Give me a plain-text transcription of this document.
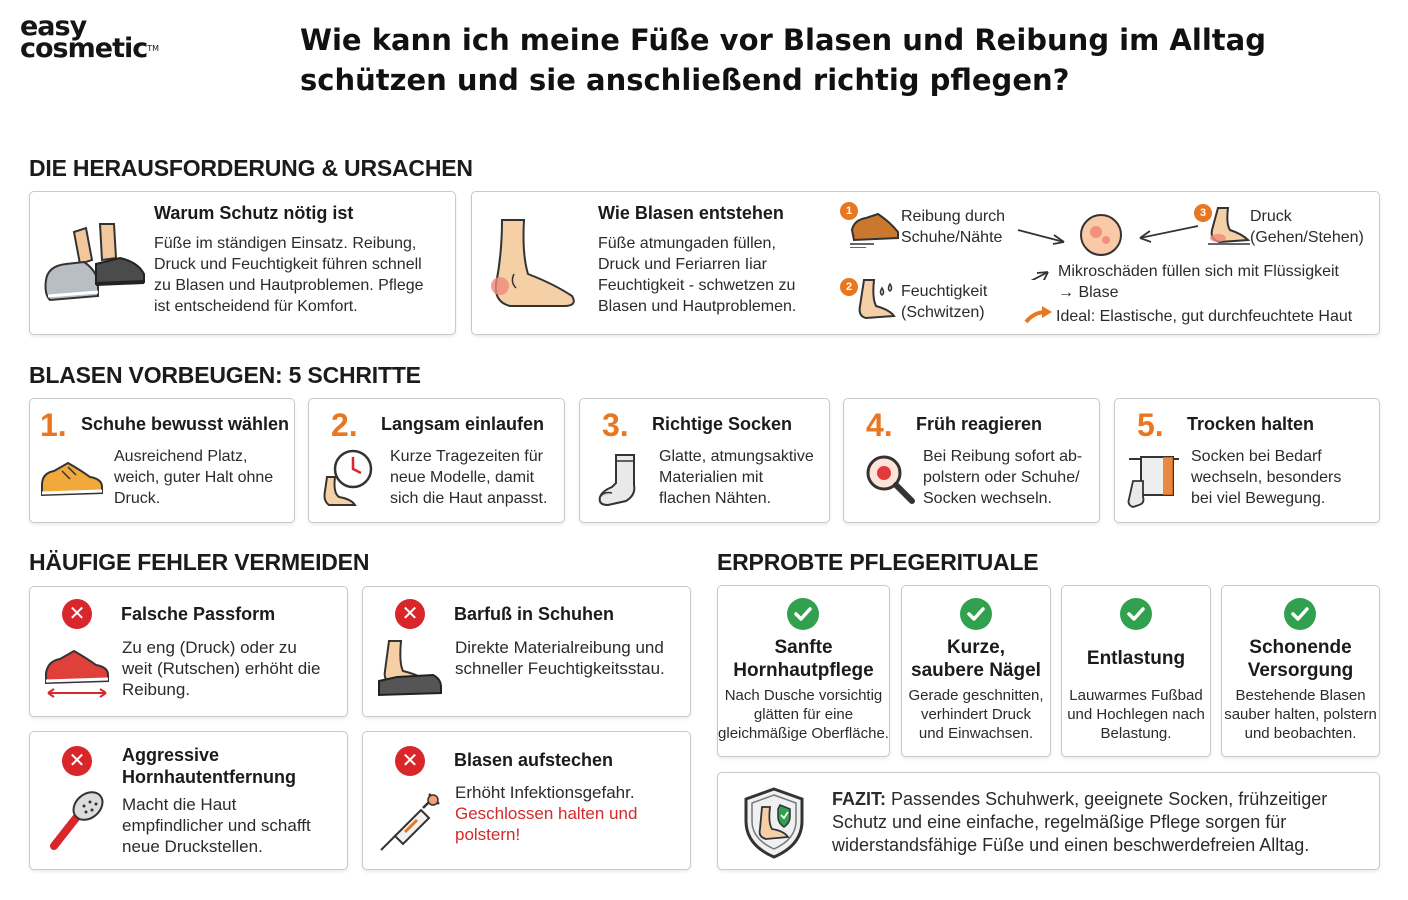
easy
cosmetic™	Wie kann ich meine Füße vor Blasen und Reibung im Alltag
schützen und sie anschließend richtig pflegen?
DIE HERAUSFORDERUNG & URSACHEN
Warum Schutz nötig ist
Füße im ständigen Einsatz. Reibung,
Druck und Feuchtigkeit führen schnell
zu Blasen und Hautproblemen. Pflege
ist entscheidend für Komfort.
Wie Blasen entstehen
Füße atmungaden füllen,
Druck und Feriarren Iiar
Feuchtigkeit - schwetzen zu
Blasen und Hautproblemen.
1	Reibung durch
Schuhe/Nähte
2	Feuchtigkeit
(Schwitzen)
3	Druck
(Gehen/Stehen)
Mikroschäden füllen sich mit Flüssigkeit
→ Blase
Ideal: Elastische, gut durchfeuchtete Haut
BLASEN VORBEUGEN: 5 SCHRITTE
1. Schuhe bewusst wählen
Ausreichend Platz,
weich, guter Halt ohne
Druck.
2. Langsam einlaufen
Kurze Tragezeiten für
neue Modelle, damit
sich die Haut anpasst.
3. Richtige Socken
Glatte, atmungsaktive
Materialien mit
flachen Nähten.
4. Früh reagieren
Bei Reibung sofort ab-
polstern oder Schuhe/
Socken wechseln.
5. Trocken halten
Socken bei Bedarf
wechseln, besonders
bei viel Bewegung.
HÄUFIGE FEHLER VERMEIDEN
✕	Falsche Passform
Zu eng (Druck) oder zu
weit (Rutschen) erhöht die
Reibung.
✕	Barfuß in Schuhen
Direkte Materialreibung und
schneller Feuchtigkeitsstau.
✕	Aggressive
Hornhautentfernung
Macht die Haut
empfindlicher und schafft
neue Druckstellen.
✕	Blasen aufstechen
Erhöht Infektionsgefahr.
Geschlossen halten und
polstern!
ERPROBTE PFLEGERITUALE
Sanfte
Hornhautpflege
Nach Dusche vorsichtig
glätten für eine
gleichmäßige Oberfläche.
Kurze,
saubere Nägel
Gerade geschnitten,
verhindert Druck
und Einwachsen.
Entlastung
Lauwarmes Fußbad
und Hochlegen nach
Belastung.
Schonende
Versorgung
Bestehende Blasen
sauber halten, polstern
und beobachten.
FAZIT: Passendes Schuhwerk, geeignete Socken, frühzeitiger
Schutz und eine einfache, regelmäßige Pflege sorgen für
widerstandsfähige Füße und einen beschwerdefreien Alltag.
